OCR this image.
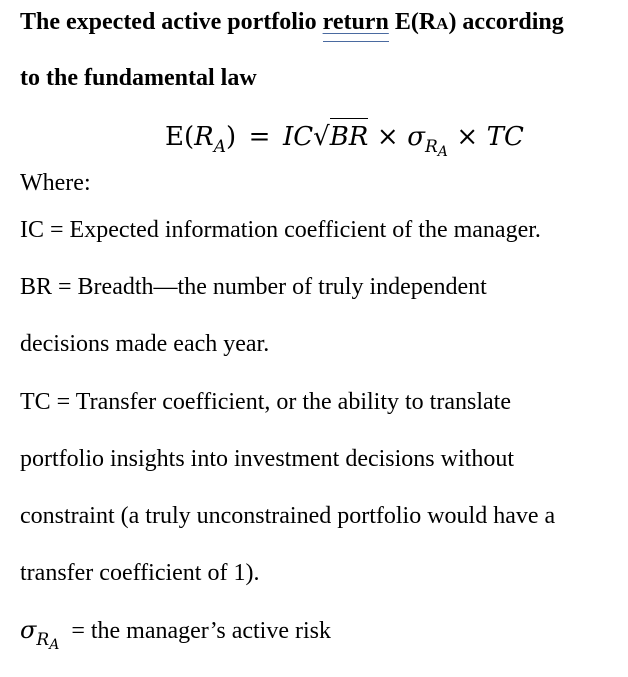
The expected active portfolio return E(RA) according
to the fundamental law
$E(R_A) = IC√BR \times \sigma_{RA}$ × TC
Where:
IC = Expected information coefficient of the manager.
BR = Breadth—the number of truly independent
decisions made each year.
TC = Transfer coefficient, or the ability to translate
portfolio insights into investment decisions without
constraint (a truly unconstrained portfolio would have a
transfer coefficient of 1).
$\sigma_{RA}$ = the manager’s active risk
